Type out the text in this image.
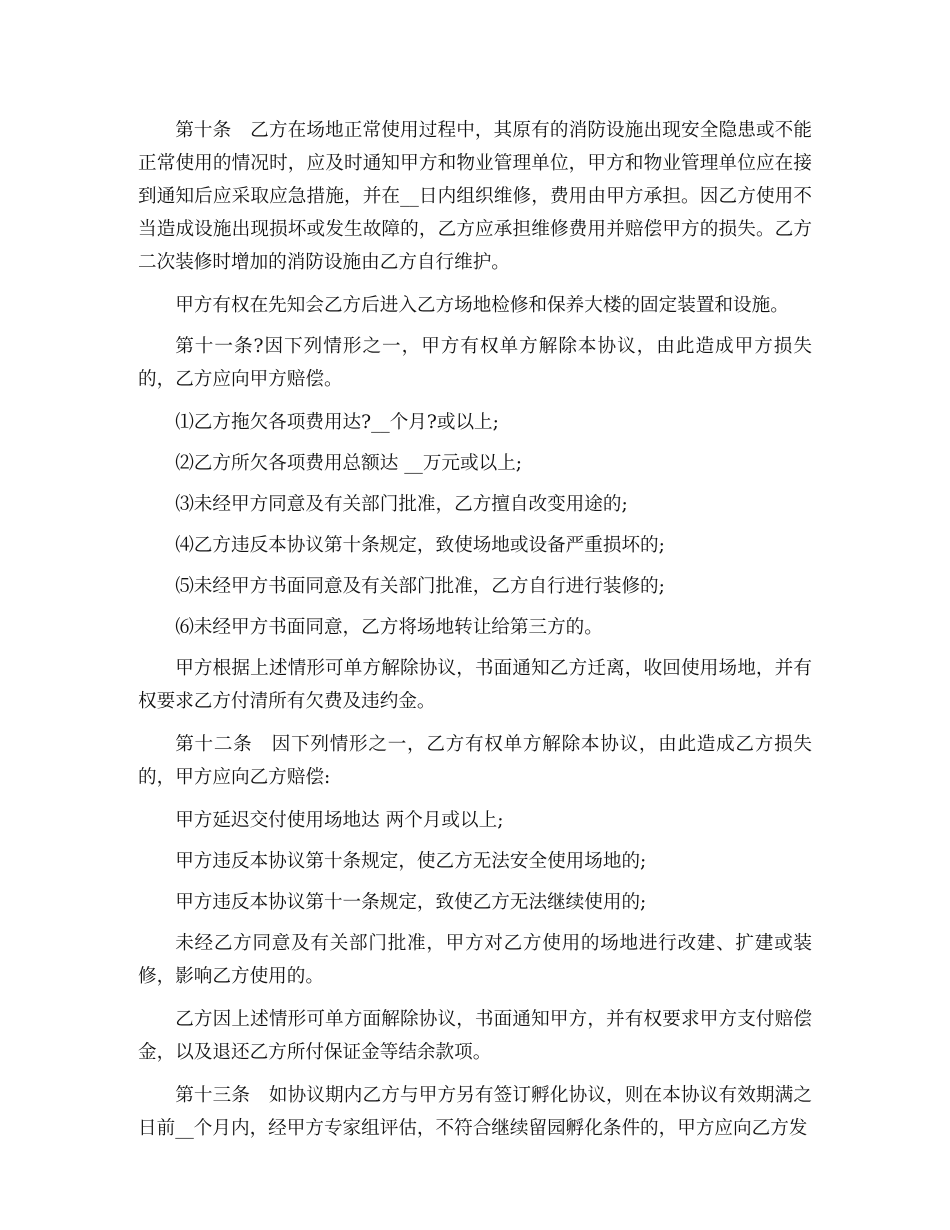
第十条　乙方在场地正常使用过程中，其原有的消防设施出现安全隐患或不能正常使用的情况时，应及时通知甲方和物业管理单位，甲方和物业管理单位应在接到通知后应采取应急措施，并在__日内组织维修，费用由甲方承担。因乙方使用不当造成设施出现损坏或发生故障的，乙方应承担维修费用并赔偿甲方的损失。乙方二次装修时增加的消防设施由乙方自行维护。

甲方有权在先知会乙方后进入乙方场地检修和保养大楼的固定装置和设施。

第十一条?因下列情形之一，甲方有权单方解除本协议，由此造成甲方损失的，乙方应向甲方赔偿。

⑴乙方拖欠各项费用达?__个月?或以上;

⑵乙方所欠各项费用总额达 __万元或以上;

⑶未经甲方同意及有关部门批准，乙方擅自改变用途的;

⑷乙方违反本协议第十条规定，致使场地或设备严重损坏的;

⑸未经甲方书面同意及有关部门批准，乙方自行进行装修的;

⑹未经甲方书面同意，乙方将场地转让给第三方的。

甲方根据上述情形可单方解除协议，书面通知乙方迁离，收回使用场地，并有权要求乙方付清所有欠费及违约金。

第十二条　因下列情形之一，乙方有权单方解除本协议，由此造成乙方损失的，甲方应向乙方赔偿:

甲方延迟交付使用场地达 两个月或以上;

甲方违反本协议第十条规定，使乙方无法安全使用场地的;

甲方违反本协议第十一条规定，致使乙方无法继续使用的;

未经乙方同意及有关部门批准，甲方对乙方使用的场地进行改建、扩建或装修，影响乙方使用的。

乙方因上述情形可单方面解除协议，书面通知甲方，并有权要求甲方支付赔偿金，以及退还乙方所付保证金等结余款项。

第十三条　如协议期内乙方与甲方另有签订孵化协议，则在本协议有效期满之日前__个月内，经甲方专家组评估，不符合继续留园孵化条件的，甲方应向乙方发
